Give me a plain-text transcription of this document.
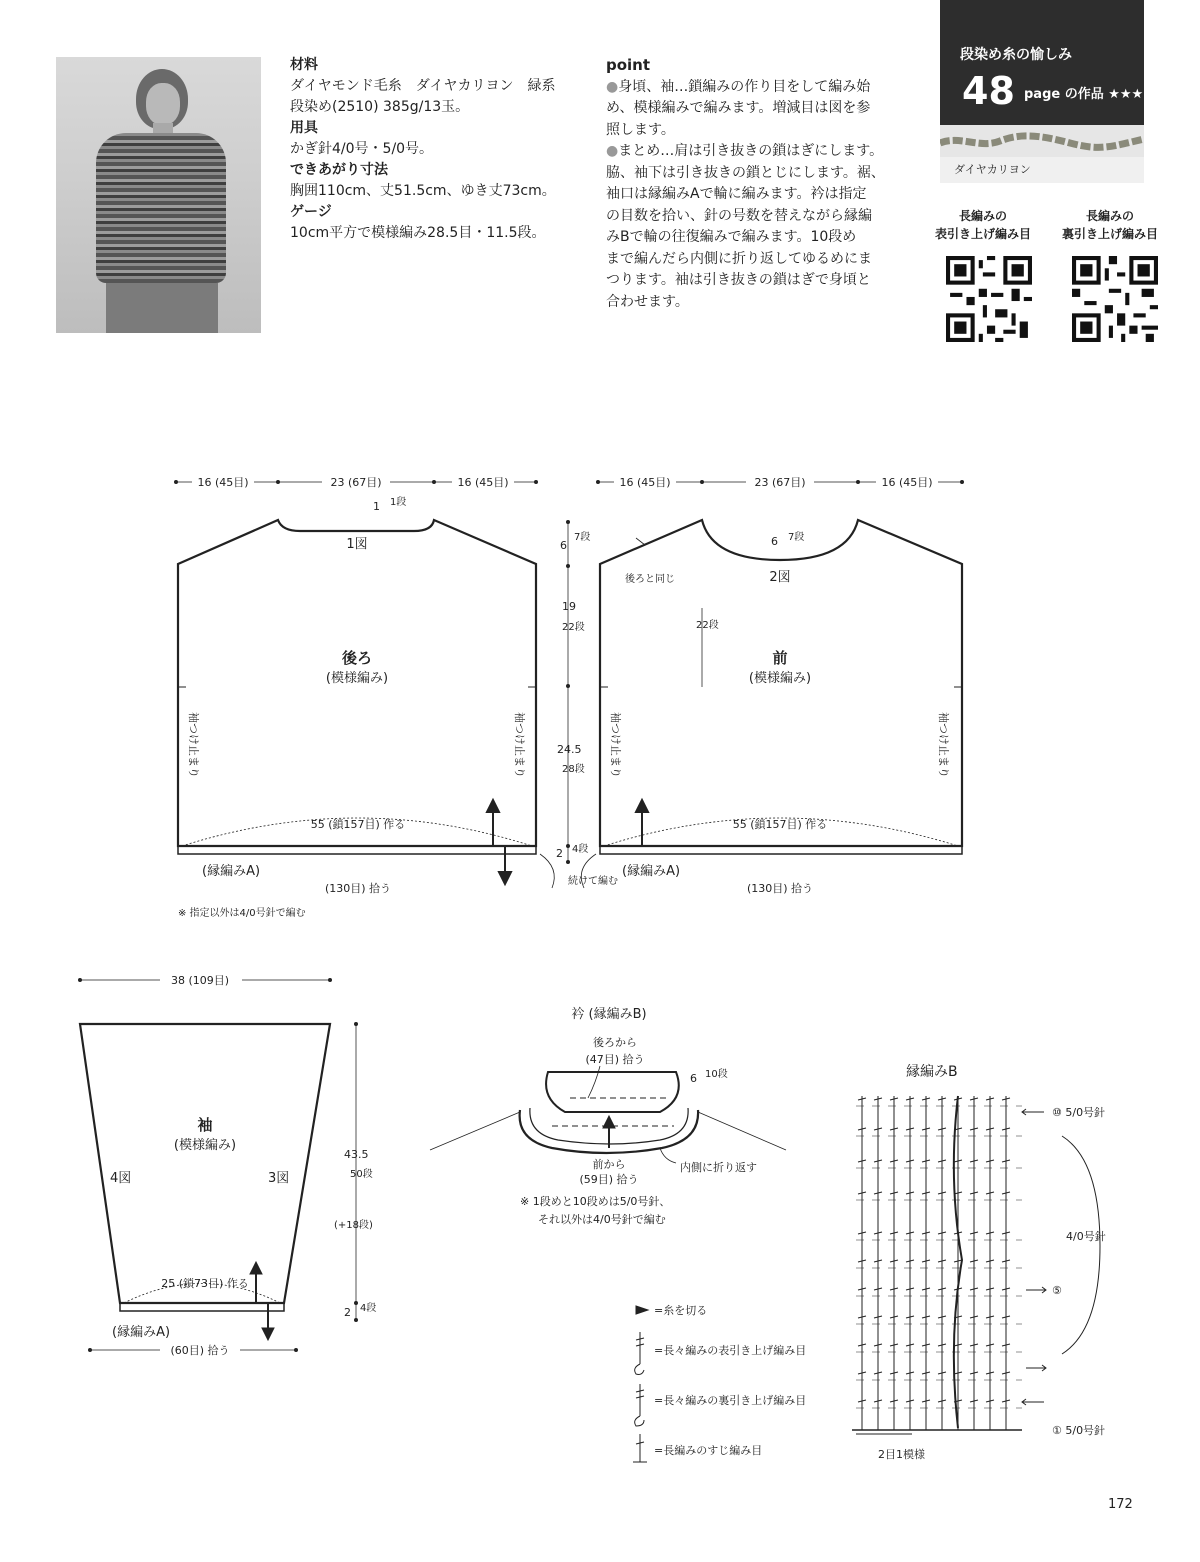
材料
ダイヤモンド毛糸　ダイヤカリヨン　緑系
段染め(2510) 385g/13玉。
用具
かぎ針4/0号・5/0号。
できあがり寸法
胸囲110cm、丈51.5cm、ゆき丈73cm。
ゲージ
10cm平方で模様編み28.5目・11.5段。
point
●身頃、袖…鎖編みの作り目をして編み始
め、模様編みで編みます。増減目は図を参
照します。
●まとめ…肩は引き抜きの鎖はぎにします。
脇、袖下は引き抜きの鎖とじにします。裾、
袖口は縁編みAで輪に編みます。衿は指定
の目数を拾い、針の号数を替えながら縁編
みBで輪の往復編みで編みます。10段め
まで編んだら内側に折り返してゆるめにま
つります。袖は引き抜きの鎖はぎで身頃と
合わせます。
段染め糸の愉しみ
48 page の作品 ★★★
ダイヤカリヨン
長編みの
表引き上げ編み目
長編みの
裏引き上げ編み目
16 (45目)	23 (67目)	16 (45目)	16 (45目)	23 (67目)	16 (45目)
1 1段
1図
後ろ
(模様編み)
前
(模様編み)
2図
後ろと同じ
6 7段
22段
55 (鎖157目) 作る	55 (鎖157目) 作る
(縁編みA)	(縁編みA)
(130目) 拾う	(130目) 拾う
※ 指定以外は4/0号針で編む
6
7段
19
22段
24.5
28段
2 4段
続けて編む
袖つけ止まり	袖つけ止まり	袖つけ止まり	袖つけ止まり
38 (109目)
袖
(模様編み)
4図	3図
25 (鎖73目) 作る
(縁編みA)
(60目) 拾う
43.5
50段
(+18段)
2 4段
衿 (縁編みB)
後ろから
(47目) 拾う
6 10段
前から
(59目) 拾う
内側に折り返す
※ 1段めと10段めは5/0号針、
それ以外は4/0号針で編む
=糸を切る
=長々編みの表引き上げ編み目
=長々編みの裏引き上げ編み目
=長編みのすじ編み目
縁編みB
⑩ 5/0号針
⑤
① 5/0号針
4/0号針
2目1模様
172
